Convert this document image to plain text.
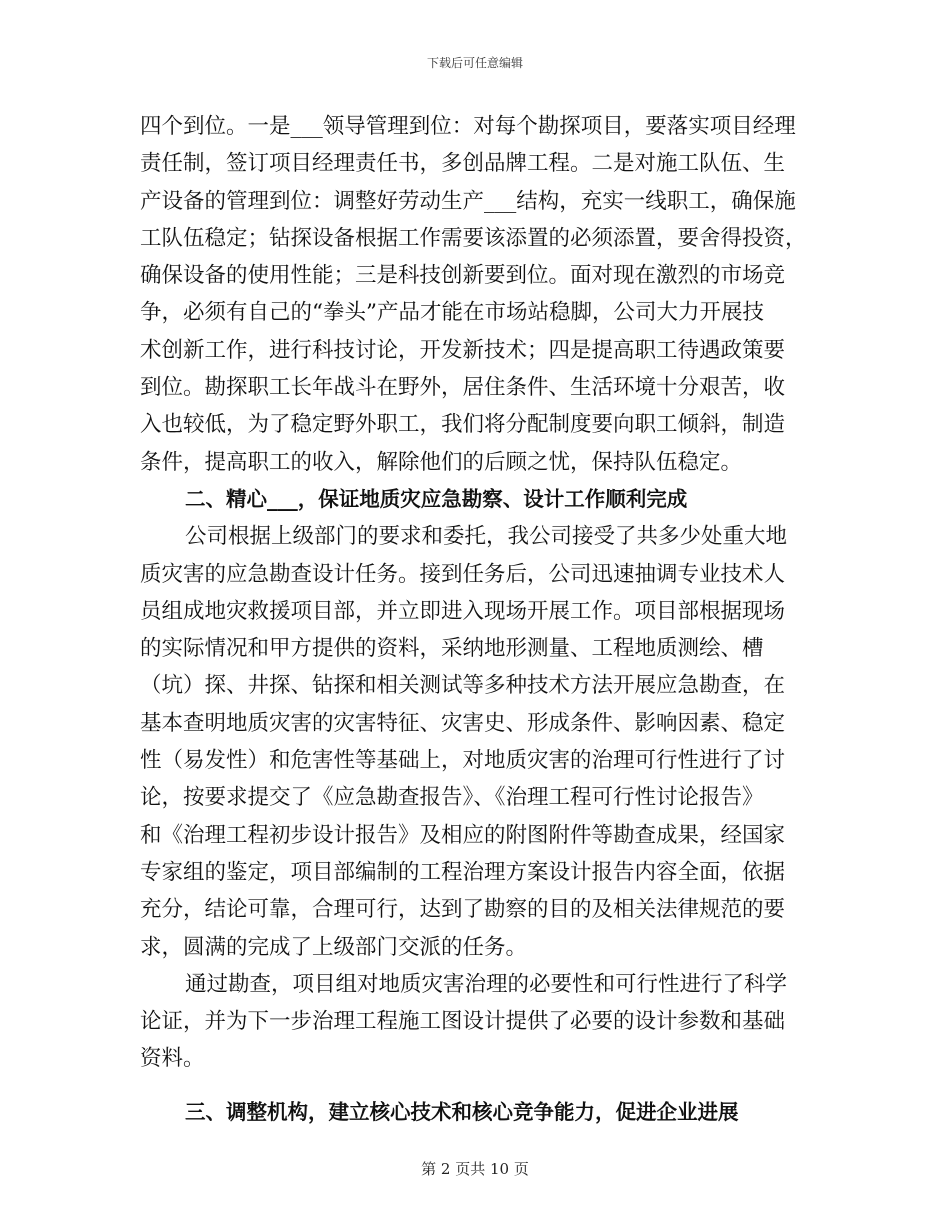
下载后可任意编辑
四个到位。一是___领导管理到位：对每个勘探项目，要落实项目经理
责任制，签订项目经理责任书，多创品牌工程。二是对施工队伍、生
产设备的管理到位：调整好劳动生产___结构，充实一线职工，确保施
工队伍稳定；钻探设备根据工作需要该添置的必须添置，要舍得投资，
确保设备的使用性能；三是科技创新要到位。面对现在激烈的市场竞
争，必须有自己的“拳头”产品才能在市场站稳脚，公司大力开展技
术创新工作，进行科技讨论，开发新技术；四是提高职工待遇政策要
到位。勘探职工长年战斗在野外，居住条件、生活环境十分艰苦，收
入也较低，为了稳定野外职工，我们将分配制度要向职工倾斜，制造
条件，提高职工的收入，解除他们的后顾之忧，保持队伍稳定。
二、精心___，保证地质灾应急勘察、设计工作顺利完成
公司根据上级部门的要求和委托，我公司接受了共多少处重大地
质灾害的应急勘查设计任务。接到任务后，公司迅速抽调专业技术人
员组成地灾救援项目部，并立即进入现场开展工作。项目部根据现场
的实际情况和甲方提供的资料，采纳地形测量、工程地质测绘、槽
（坑）探、井探、钻探和相关测试等多种技术方法开展应急勘查，在
基本查明地质灾害的灾害特征、灾害史、形成条件、影响因素、稳定
性（易发性）和危害性等基础上，对地质灾害的治理可行性进行了讨
论，按要求提交了《应急勘查报告》、《治理工程可行性讨论报告》
和《治理工程初步设计报告》及相应的附图附件等勘查成果，经国家
专家组的鉴定，项目部编制的工程治理方案设计报告内容全面，依据
充分，结论可靠，合理可行，达到了勘察的目的及相关法律规范的要
求，圆满的完成了上级部门交派的任务。
通过勘查，项目组对地质灾害治理的必要性和可行性进行了科学
论证，并为下一步治理工程施工图设计提供了必要的设计参数和基础
资料。
三、调整机构，建立核心技术和核心竞争能力，促进企业进展
第 2 页共 10 页
